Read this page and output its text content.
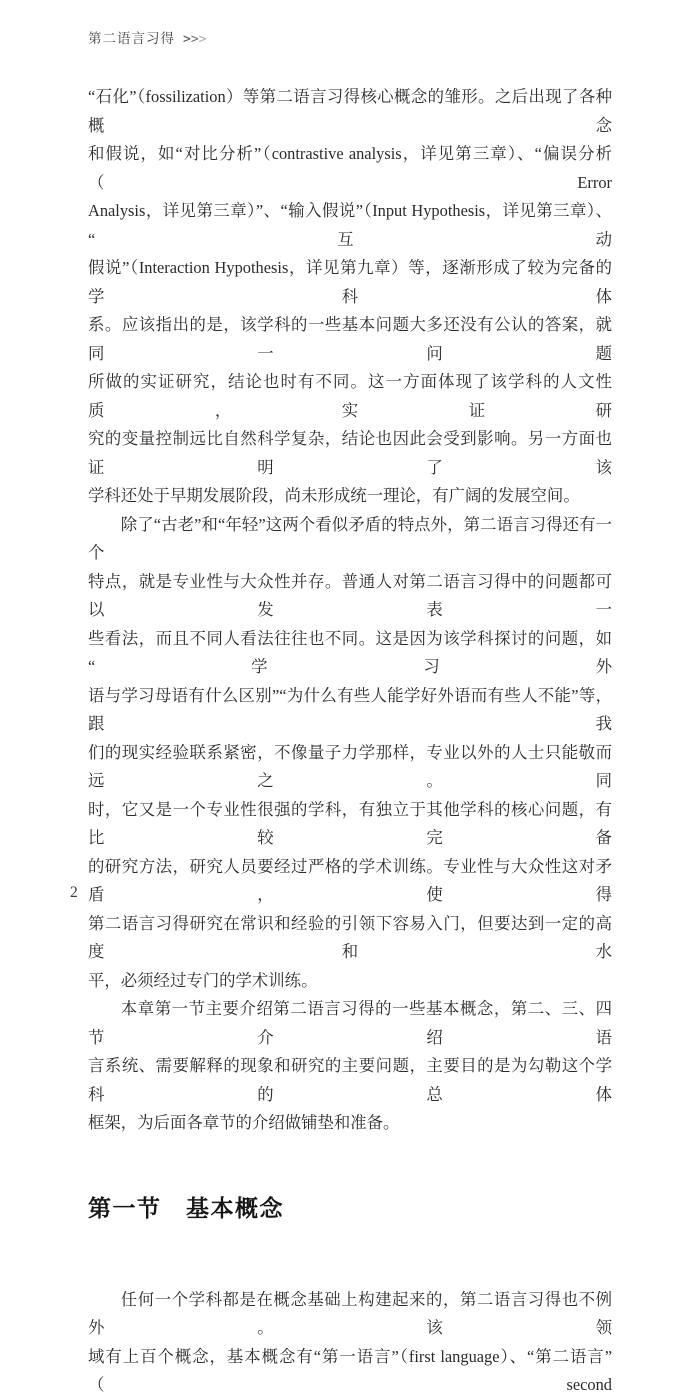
第二语言习得 >>>
“石化”（fossilization）等第二语言习得核心概念的雏形。之后出现了各种概念
和假说，如“对比分析”（contrastive analysis，详见第三章）、“偏误分析（Error
Analysis，详见第三章）”、“输入假说”（Input Hypothesis，详见第三章）、“互动
假说”（Interaction Hypothesis，详见第九章）等，逐渐形成了较为完备的学科体
系。应该指出的是，该学科的一些基本问题大多还没有公认的答案，就同一问题
所做的实证研究，结论也时有不同。这一方面体现了该学科的人文性质，实证研
究的变量控制远比自然科学复杂，结论也因此会受到影响。另一方面也证明了该
学科还处于早期发展阶段，尚未形成统一理论，有广阔的发展空间。
除了“古老”和“年轻”这两个看似矛盾的特点外，第二语言习得还有一个
特点，就是专业性与大众性并存。普通人对第二语言习得中的问题都可以发表一
些看法，而且不同人看法往往也不同。这是因为该学科探讨的问题，如“学习外
语与学习母语有什么区别”“为什么有些人能学好外语而有些人不能”等，跟我
们的现实经验联系紧密，不像量子力学那样，专业以外的人士只能敬而远之。同
时，它又是一个专业性很强的学科，有独立于其他学科的核心问题，有比较完备
的研究方法，研究人员要经过严格的学术训练。专业性与大众性这对矛盾，使得
第二语言习得研究在常识和经验的引领下容易入门，但要达到一定的高度和水
平，必须经过专门的学术训练。
本章第一节主要介绍第二语言习得的一些基本概念，第二、三、四节介绍语
言系统、需要解释的现象和研究的主要问题，主要目的是为勾勒这个学科的总体
框架，为后面各章节的介绍做铺垫和准备。
第一节　基本概念
任何一个学科都是在概念基础上构建起来的，第二语言习得也不例外。该领
域有上百个概念，基本概念有“第一语言”（first language）、“第二语言”（second
2
